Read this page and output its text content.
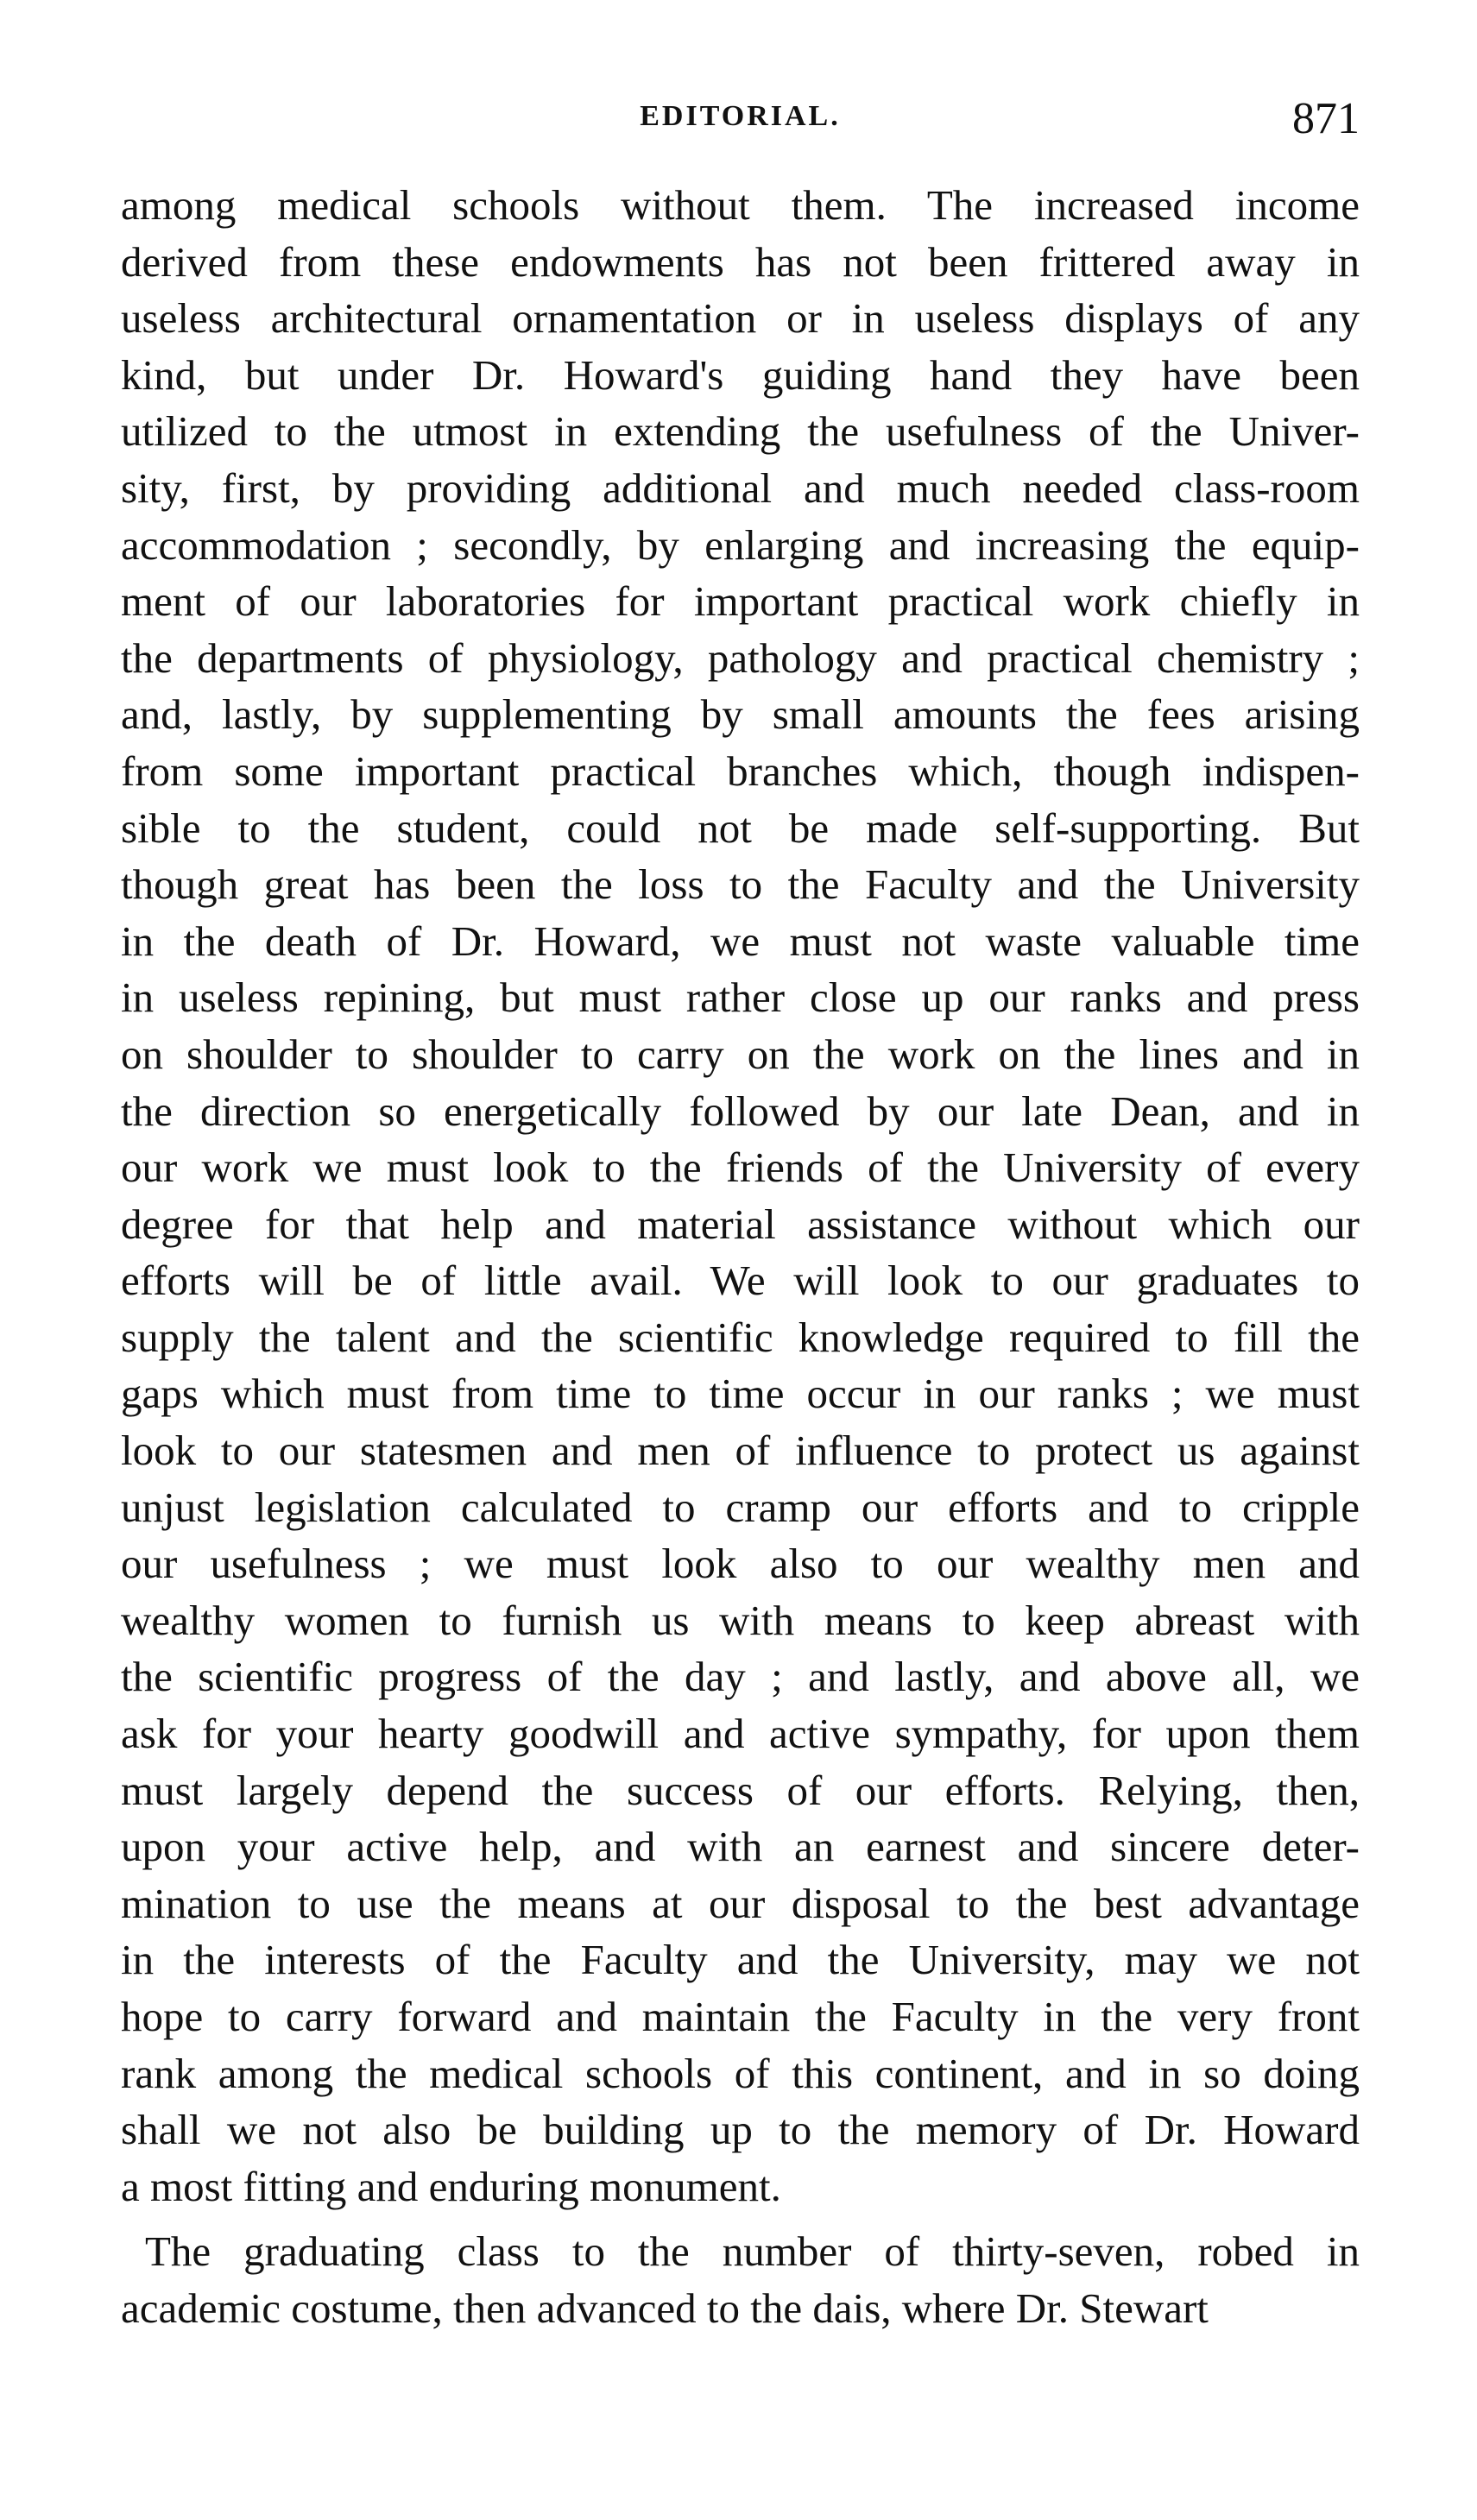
EDITORIAL.	871
among medical schools without them. The increased income
derived from these endowments has not been frittered away in
useless architectural ornamentation or in useless displays of any
kind, but under Dr. Howard's guiding hand they have been
utilized to the utmost in extending the usefulness of the Univer-
sity, first, by providing additional and much needed class-room
accommodation ; secondly, by enlarging and increasing the equip-
ment of our laboratories for important practical work chiefly in
the departments of physiology, pathology and practical chemistry ;
and, lastly, by supplementing by small amounts the fees arising
from some important practical branches which, though indispen-
sible to the student, could not be made self-supporting. But
though great has been the loss to the Faculty and the University
in the death of Dr. Howard, we must not waste valuable time
in useless repining, but must rather close up our ranks and press
on shoulder to shoulder to carry on the work on the lines and in
the direction so energetically followed by our late Dean, and in
our work we must look to the friends of the University of every
degree for that help and material assistance without which our
efforts will be of little avail. We will look to our graduates to
supply the talent and the scientific knowledge required to fill the
gaps which must from time to time occur in our ranks ; we must
look to our statesmen and men of influence to protect us against
unjust legislation calculated to cramp our efforts and to cripple
our usefulness ; we must look also to our wealthy men and
wealthy women to furnish us with means to keep abreast with
the scientific progress of the day ; and lastly, and above all, we
ask for your hearty goodwill and active sympathy, for upon them
must largely depend the success of our efforts. Relying, then,
upon your active help, and with an earnest and sincere deter-
mination to use the means at our disposal to the best advantage
in the interests of the Faculty and the University, may we not
hope to carry forward and maintain the Faculty in the very front
rank among the medical schools of this continent, and in so doing
shall we not also be building up to the memory of Dr. Howard
a most fitting and enduring monument.
The graduating class to the number of thirty-seven, robed in
academic costume, then advanced to the dais, where Dr. Stewart
